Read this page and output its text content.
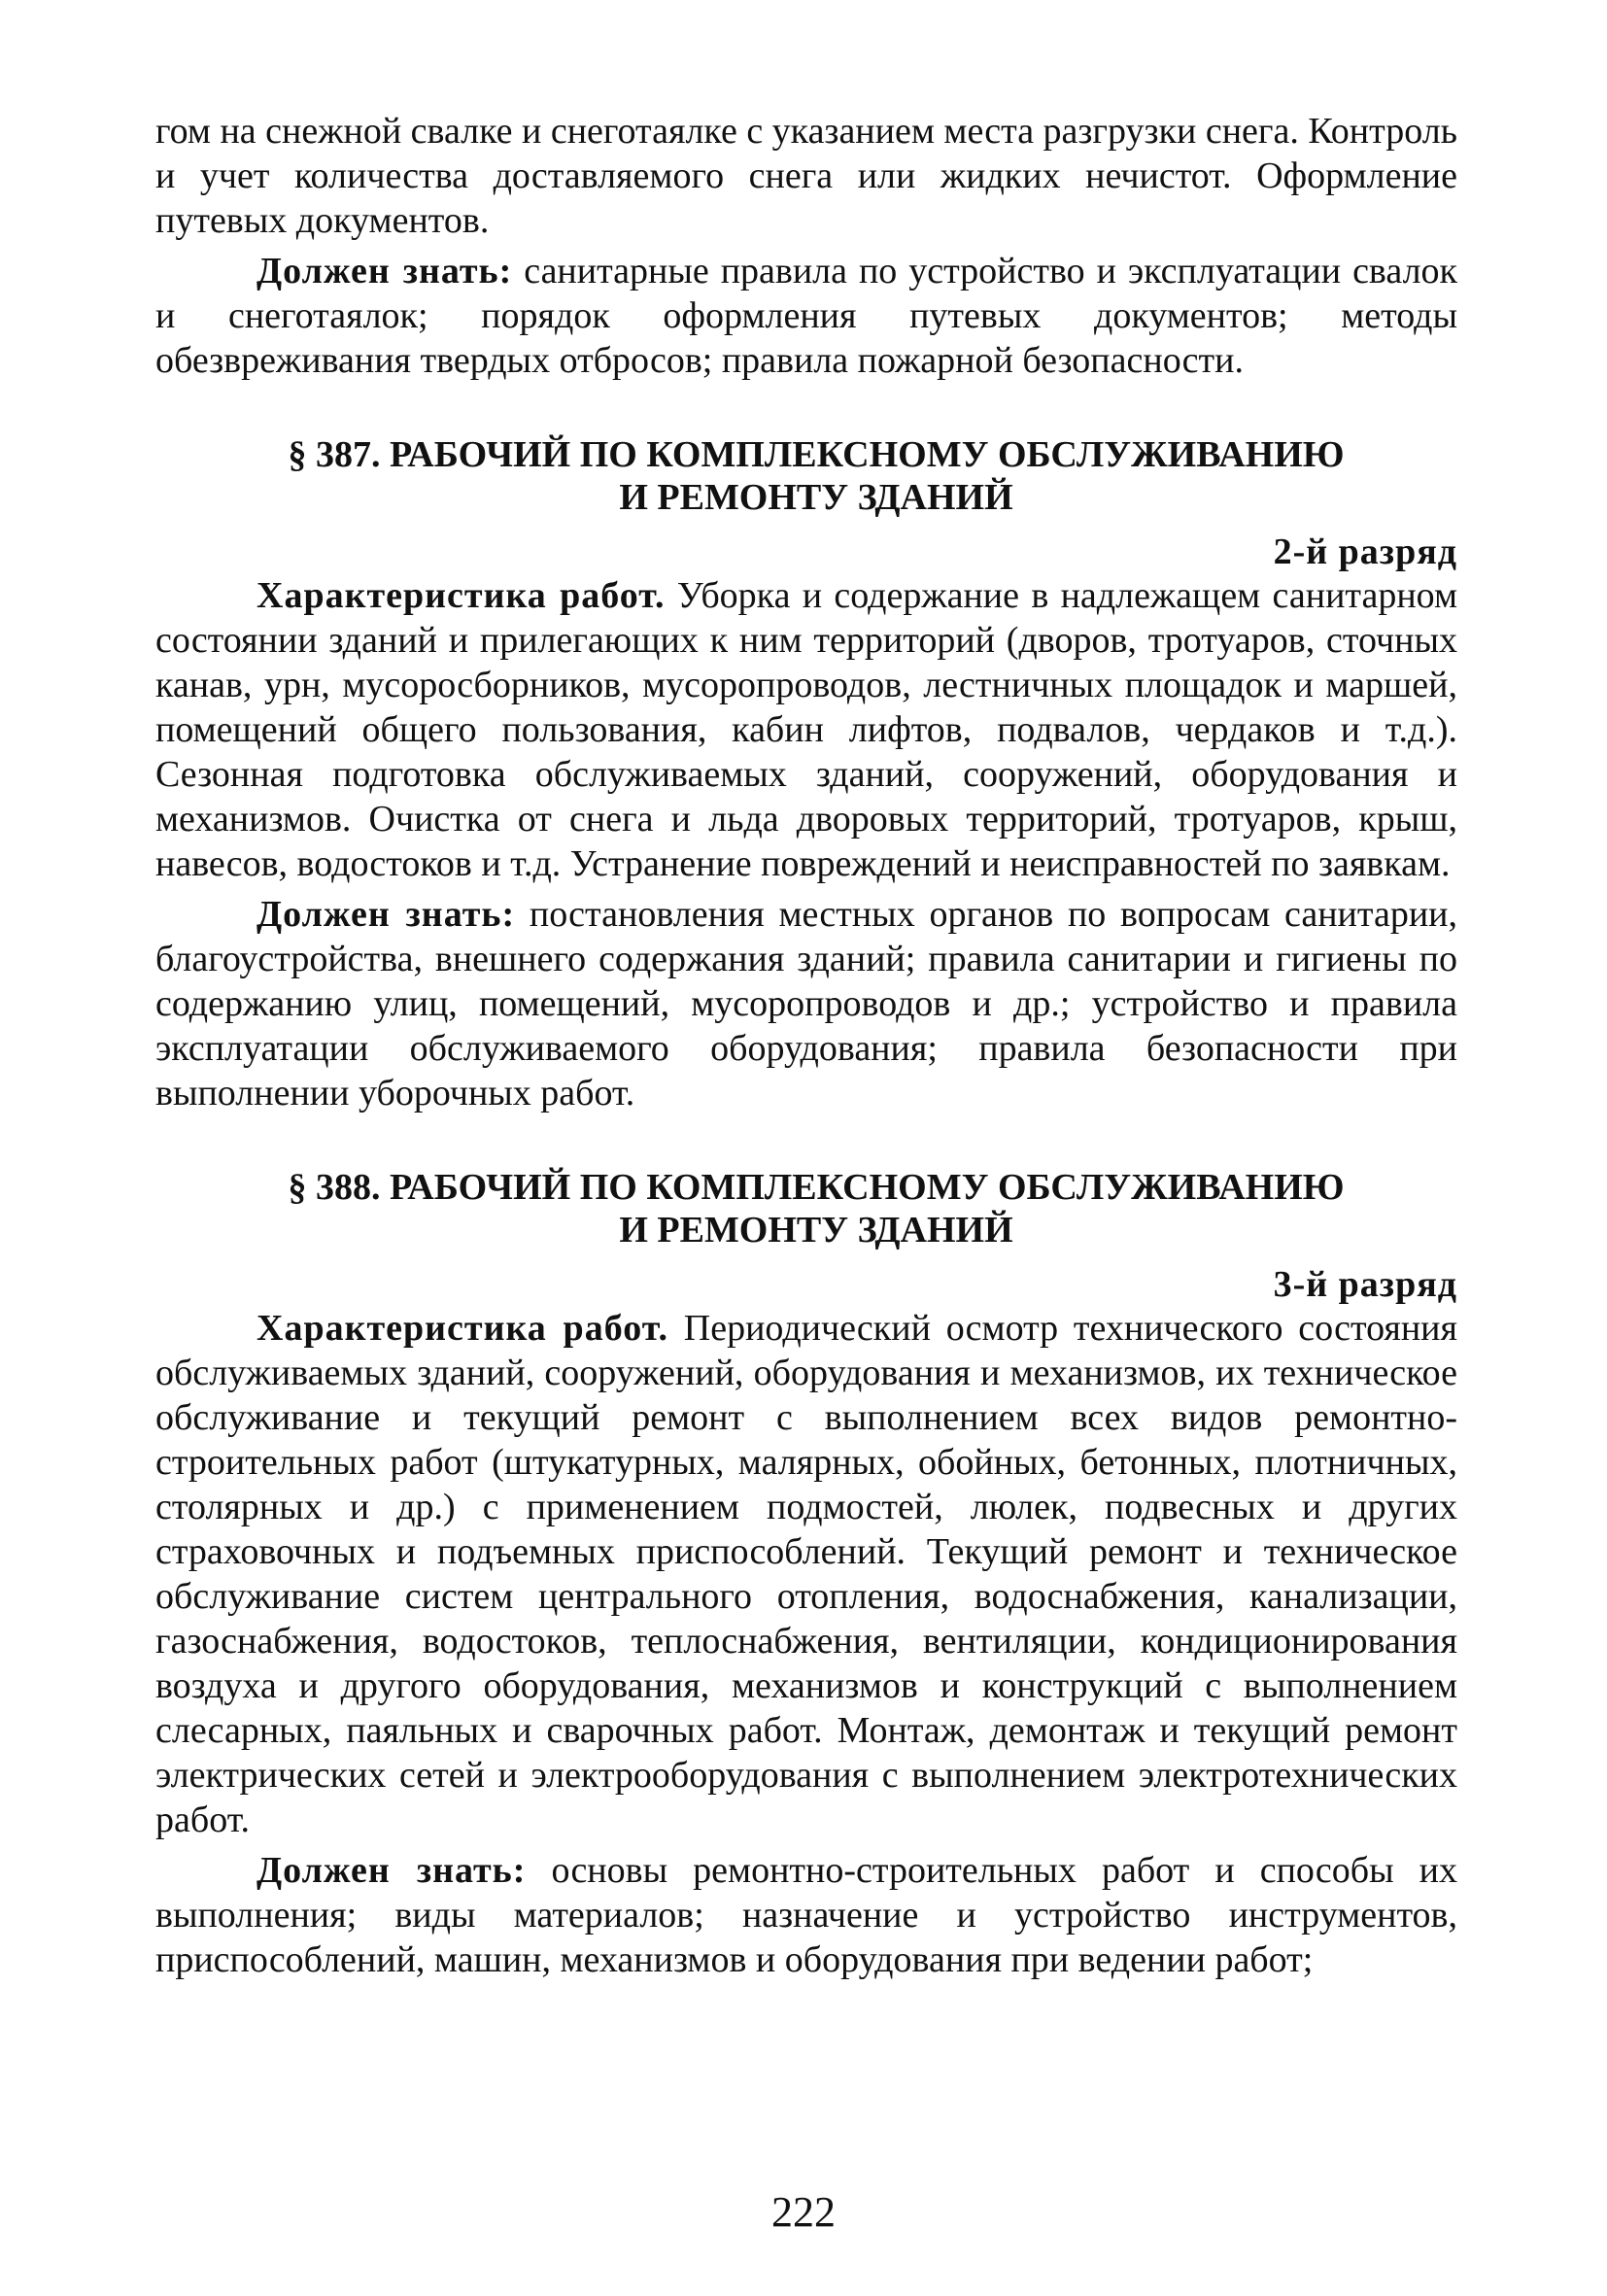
гом на снежной свалке и снеготаялке с указанием места разгрузки снега. Контроль и учет количества доставляемого снега или жидких нечистот. Оформление путевых документов.

Должен знать: санитарные правила по устройство и эксплуатации свалок и снеготаялок; порядок оформления путевых документов; методы обезвреживания твердых отбросов; правила пожарной безопасности.

§ 387. РАБОЧИЙ ПО КОМПЛЕКСНОМУ ОБСЛУЖИВАНИЮ
И РЕМОНТУ ЗДАНИЙ
2-й разряд

Характеристика работ. Уборка и содержание в надлежащем санитарном состоянии зданий и прилегающих к ним территорий (дворов, тротуаров, сточных канав, урн, мусоросборников, мусоропроводов, лестничных площадок и маршей, помещений общего пользования, кабин лифтов, подвалов, чердаков и т.д.). Сезонная подготовка обслуживаемых зданий, сооружений, оборудования и механизмов. Очистка от снега и льда дворовых территорий, тротуаров, крыш, навесов, водостоков и т.д. Устранение повреждений и неисправностей по заявкам.

Должен знать: постановления местных органов по вопросам санитарии, благоустройства, внешнего содержания зданий; правила санитарии и гигиены по содержанию улиц, помещений, мусоропроводов и др.; устройство и правила эксплуатации обслуживаемого оборудования; правила безопасности при выполнении уборочных работ.

§ 388. РАБОЧИЙ ПО КОМПЛЕКСНОМУ ОБСЛУЖИВАНИЮ
И РЕМОНТУ ЗДАНИЙ
3-й разряд

Характеристика работ. Периодический осмотр технического состояния обслуживаемых зданий, сооружений, оборудования и механизмов, их техническое обслуживание и текущий ремонт с выполнением всех видов ремонтно-строительных работ (штукатурных, малярных, обойных, бетонных, плотничных, столярных и др.) с применением подмостей, люлек, подвесных и других страховочных и подъемных приспособлений. Текущий ремонт и техническое обслуживание систем центрального отопления, водоснабжения, канализации, газоснабжения, водостоков, теплоснабжения, вентиляции, кондиционирования воздуха и другого оборудования, механизмов и конструкций с выполнением слесарных, паяльных и сварочных работ. Монтаж, демонтаж и текущий ремонт электрических сетей и электрооборудования с выполнением электротехнических работ.

Должен знать: основы ремонтно-строительных работ и способы их выполнения; виды материалов; назначение и устройство инструментов, приспособлений, машин, механизмов и оборудования при ведении работ;

222
